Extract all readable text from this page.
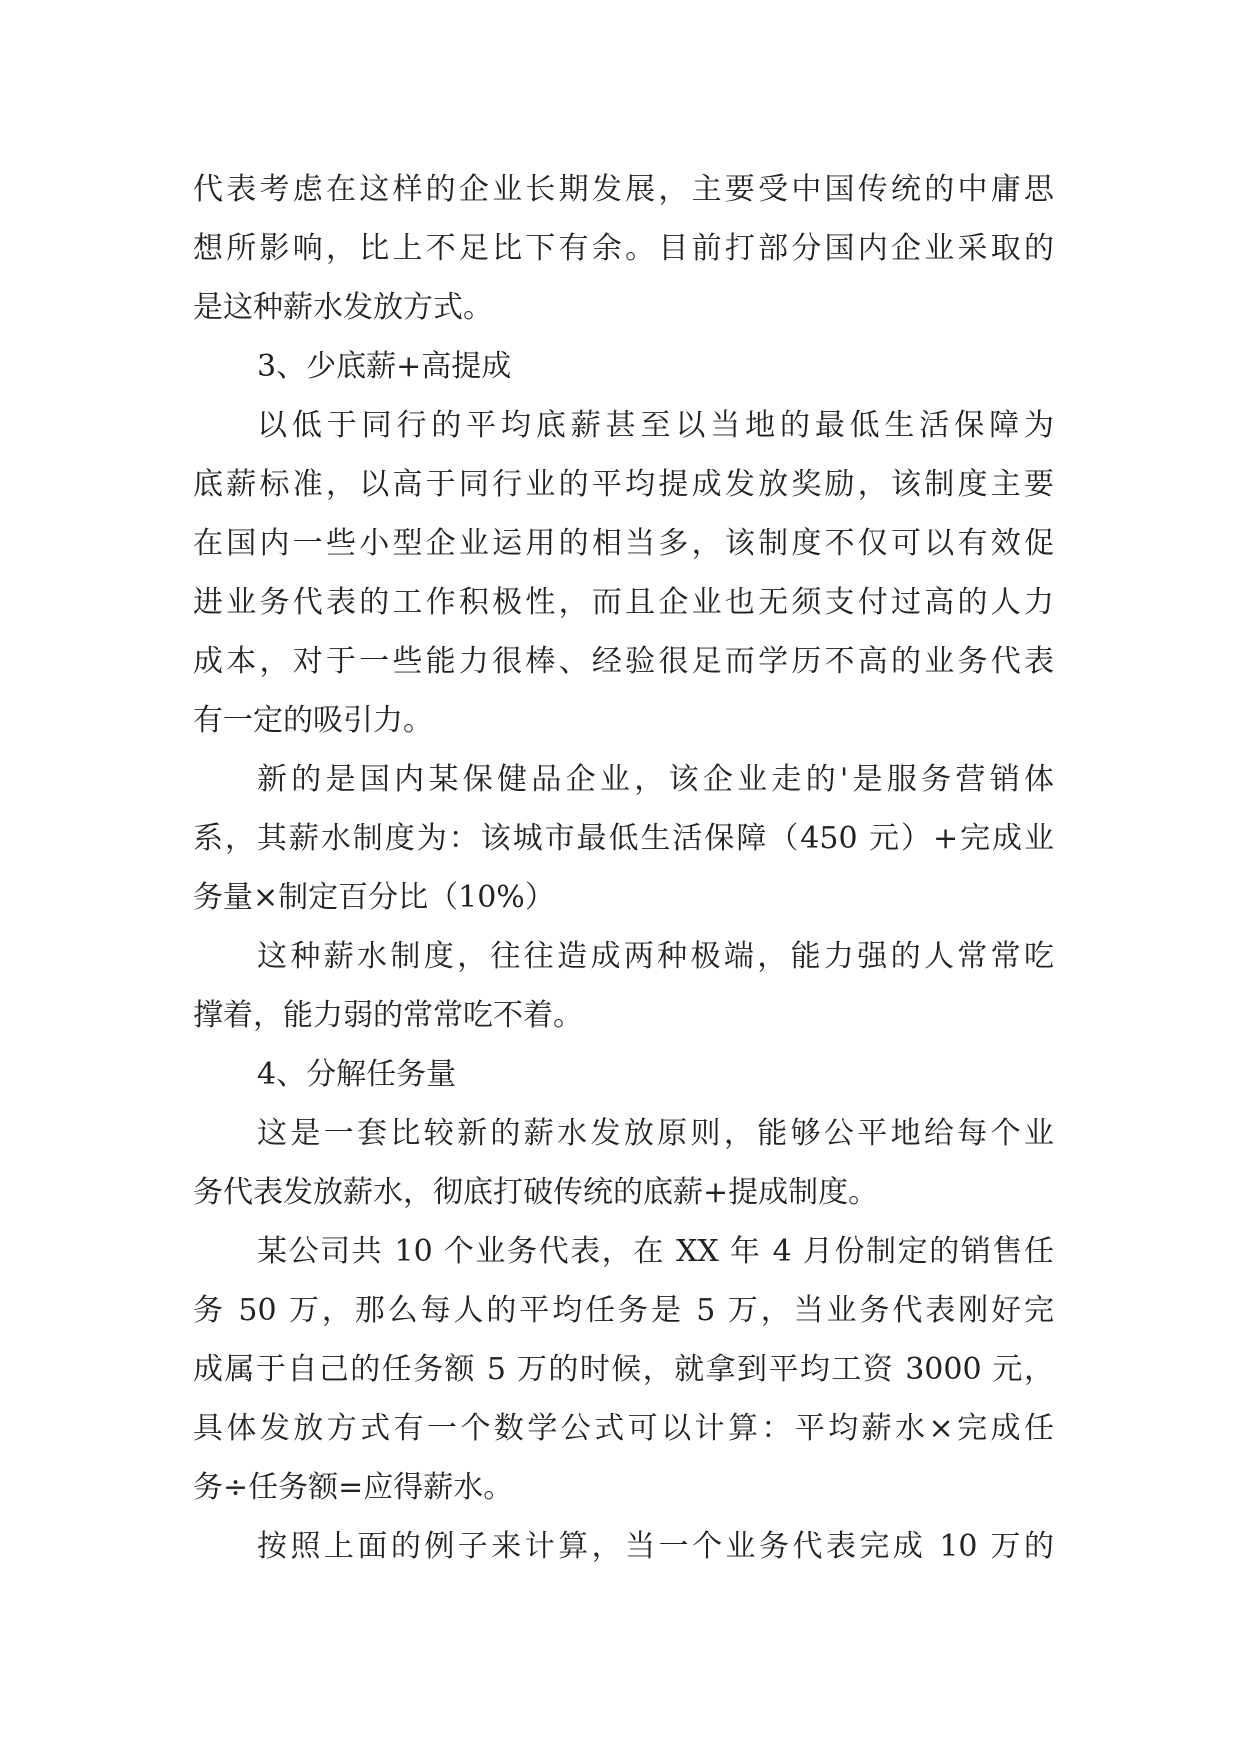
代表考虑在这样的企业长期发展，主要受中国传统的中庸思
想所影响，比上不足比下有余。目前打部分国内企业采取的
是这种薪水发放方式。
3、少底薪+高提成
以低于同行的平均底薪甚至以当地的最低生活保障为
底薪标准，以高于同行业的平均提成发放奖励，该制度主要
在国内一些小型企业运用的相当多，该制度不仅可以有效促
进业务代表的工作积极性，而且企业也无须支付过高的人力
成本，对于一些能力很棒、经验很足而学历不高的业务代表
有一定的吸引力。
新的是国内某保健品企业，该企业走的'是服务营销体
系，其薪水制度为：该城市最低生活保障（450 元）+完成业
务量×制定百分比（10%）
这种薪水制度，往往造成两种极端，能力强的人常常吃
撑着，能力弱的常常吃不着。
4、分解任务量
这是一套比较新的薪水发放原则，能够公平地给每个业
务代表发放薪水，彻底打破传统的底薪+提成制度。
某公司共 10 个业务代表，在 XX 年 4 月份制定的销售任
务 50 万，那么每人的平均任务是 5 万，当业务代表刚好完
成属于自己的任务额 5 万的时候，就拿到平均工资 3000 元，
具体发放方式有一个数学公式可以计算：平均薪水×完成任
务÷任务额=应得薪水。
按照上面的例子来计算，当一个业务代表完成 10 万的
